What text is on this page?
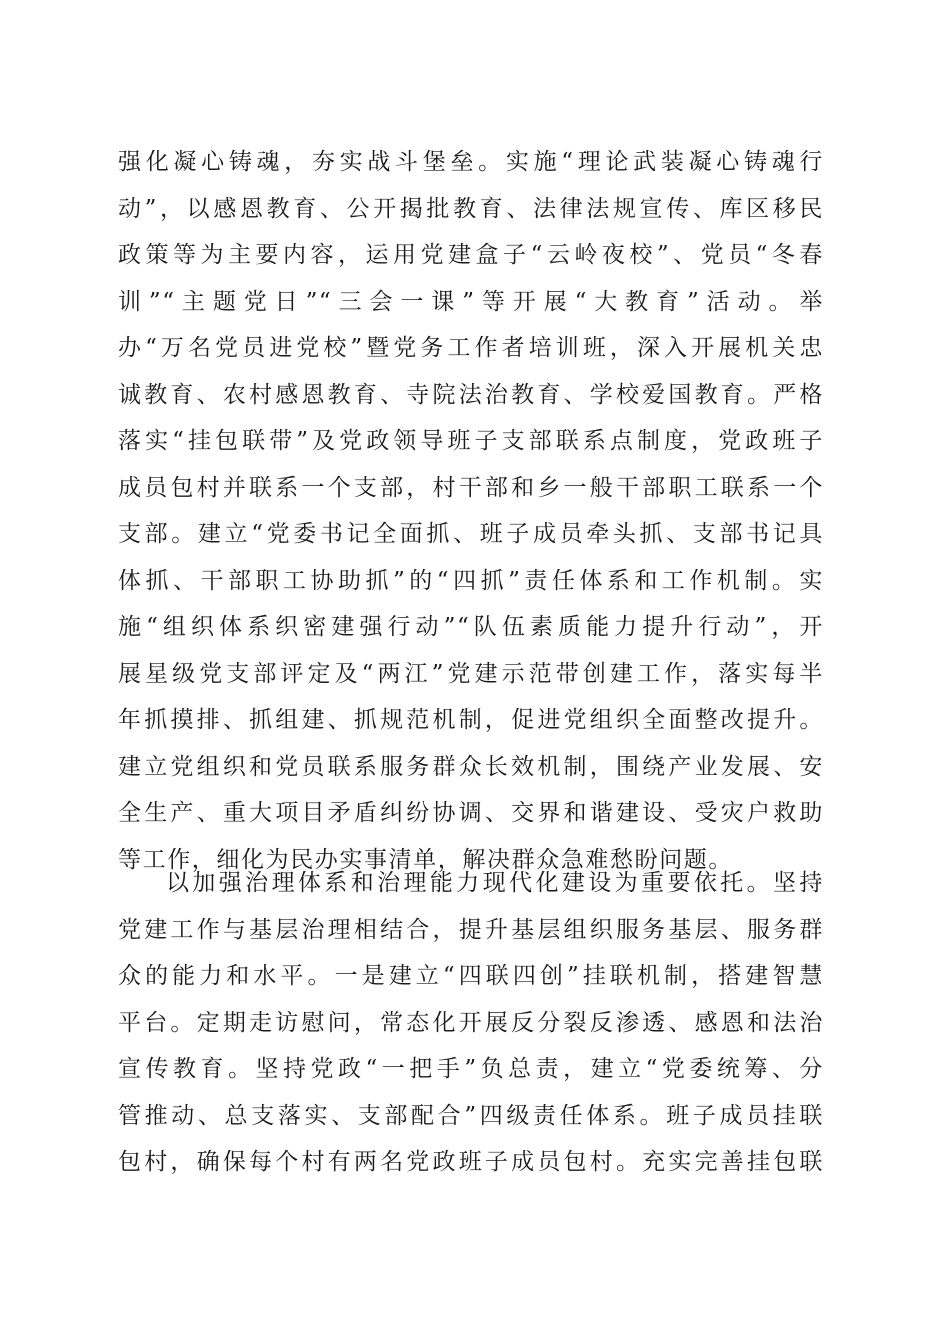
强化凝心铸魂，夯实战斗堡垒。实施“理论武装凝心铸魂行
动”，以感恩教育、公开揭批教育、法律法规宣传、库区移民
政策等为主要内容，运用党建盒子“云岭夜校”、党员“冬春
训”“主题党日”“三会一课”等开展“大教育”活动。举
办“万名党员进党校”暨党务工作者培训班，深入开展机关忠
诚教育、农村感恩教育、寺院法治教育、学校爱国教育。严格
落实“挂包联带”及党政领导班子支部联系点制度，党政班子
成员包村并联系一个支部，村干部和乡一般干部职工联系一个
支部。建立“党委书记全面抓、班子成员牵头抓、支部书记具
体抓、干部职工协助抓”的“四抓”责任体系和工作机制。实
施“组织体系织密建强行动”“队伍素质能力提升行动”，开
展星级党支部评定及“两江”党建示范带创建工作，落实每半
年抓摸排、抓组建、抓规范机制，促进党组织全面整改提升。
建立党组织和党员联系服务群众长效机制，围绕产业发展、安
全生产、重大项目矛盾纠纷协调、交界和谐建设、受灾户救助
等工作，细化为民办实事清单，解决群众急难愁盼问题。
以加强治理体系和治理能力现代化建设为重要依托。坚持
党建工作与基层治理相结合，提升基层组织服务基层、服务群
众的能力和水平。一是建立“四联四创”挂联机制，搭建智慧
平台。定期走访慰问，常态化开展反分裂反渗透、感恩和法治
宣传教育。坚持党政“一把手”负总责，建立“党委统筹、分
管推动、总支落实、支部配合”四级责任体系。班子成员挂联
包村，确保每个村有两名党政班子成员包村。充实完善挂包联
